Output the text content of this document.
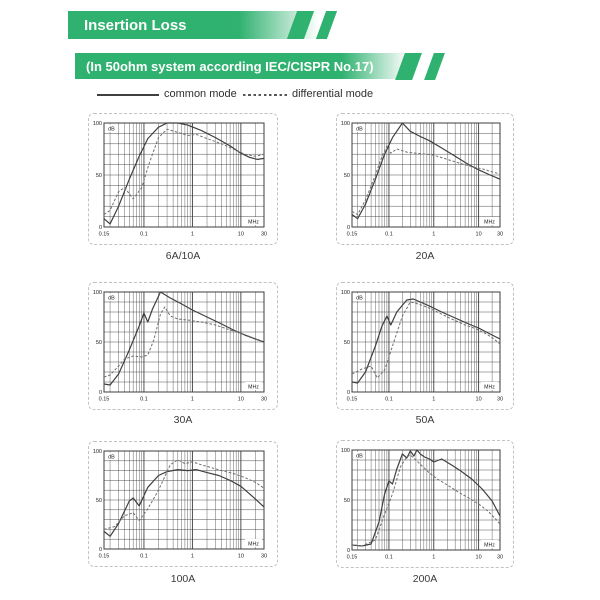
Insertion Loss
(In 50ohm system according IEC/CISPR No.17)
common mode	differential mode
dB
MHz
0
50
100
0.15	0.1	1	10	30
dB
MHz
0
50
100
0.15	0.1	1	10	30
dB
MHz
0
50
100
0.15	0.1	1	10	30
dB
MHz
0
50
100
0.15	0.1	1	10	30
dB
MHz
0
50
100
0.15	0.1	1	10	30
dB
MHz
0
50
100
0.15	0.1	1	10	30
6A/10A	20A
30A	50A
100A	200A
